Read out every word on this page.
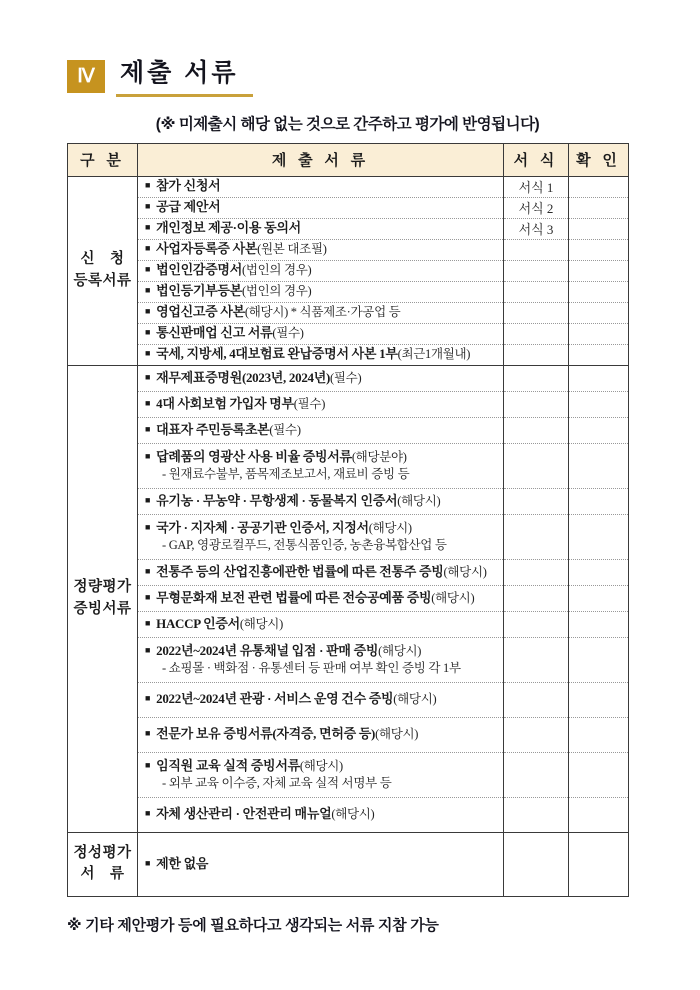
Ⅳ	제출 서류
(※ 미제출시 해당 없는 것으로 간주하고 평가에 반영됩니다)
구 분	제 출 서 류	서 식	확 인

신　청
등록서류	■ 참가 신청서	서식 1	

	■ 공급 제안서	서식 2	

	■ 개인정보 제공·이용 동의서	서식 3	

	■ 사업자등록증 사본(원본 대조필)		

	■ 법인인감증명서(법인의 경우)		

	■ 법인등기부등본(법인의 경우)		

	■ 영업신고증 사본(해당시) * 식품제조·가공업 등		

	■ 통신판매업 신고 서류(필수)		

	■ 국세, 지방세, 4대보험료 완납증명서 사본 1부(최근1개월내)		

정량평가
증빙서류	■ 재무제표증명원(2023년, 2024년)(필수)		

	■ 4대 사회보험 가입자 명부(필수)		

	■ 대표자 주민등록초본(필수)		

	■ 답례품의 영광산 사용 비율 증빙서류(해당분야)
- 원재료수불부, 품목제조보고서, 재료비 증빙 등		

	■ 유기농 · 무농약 · 무항생제 · 동물복지 인증서(해당시)		

	■ 국가 · 지자체 · 공공기관 인증서, 지정서(해당시)
- GAP, 영광로컬푸드, 전통식품인증, 농촌융복합산업 등		

	■ 전통주 등의 산업진흥에관한 법률에 따른 전통주 증빙(해당시)		

	■ 무형문화재 보전 관련 법률에 따른 전승공예품 증빙(해당시)		

	■ HACCP 인증서(해당시)		

	■ 2022년~2024년 유통채널 입점 · 판매 증빙(해당시)
- 쇼핑몰 · 백화점 · 유통센터 등 판매 여부 확인 증빙 각 1부		

	■ 2022년~2024년 관광 · 서비스 운영 건수 증빙(해당시)		

	■ 전문가 보유 증빙서류(자격증, 면허증 등)(해당시)		

	■ 임직원 교육 실적 증빙서류(해당시)
- 외부 교육 이수증, 자체 교육 실적 서명부 등		

	■ 자체 생산관리 · 안전관리 매뉴얼(해당시)		

정성평가
서　류	■ 제한 없음		

※ 기타 제안평가 등에 필요하다고 생각되는 서류 지참 가능
